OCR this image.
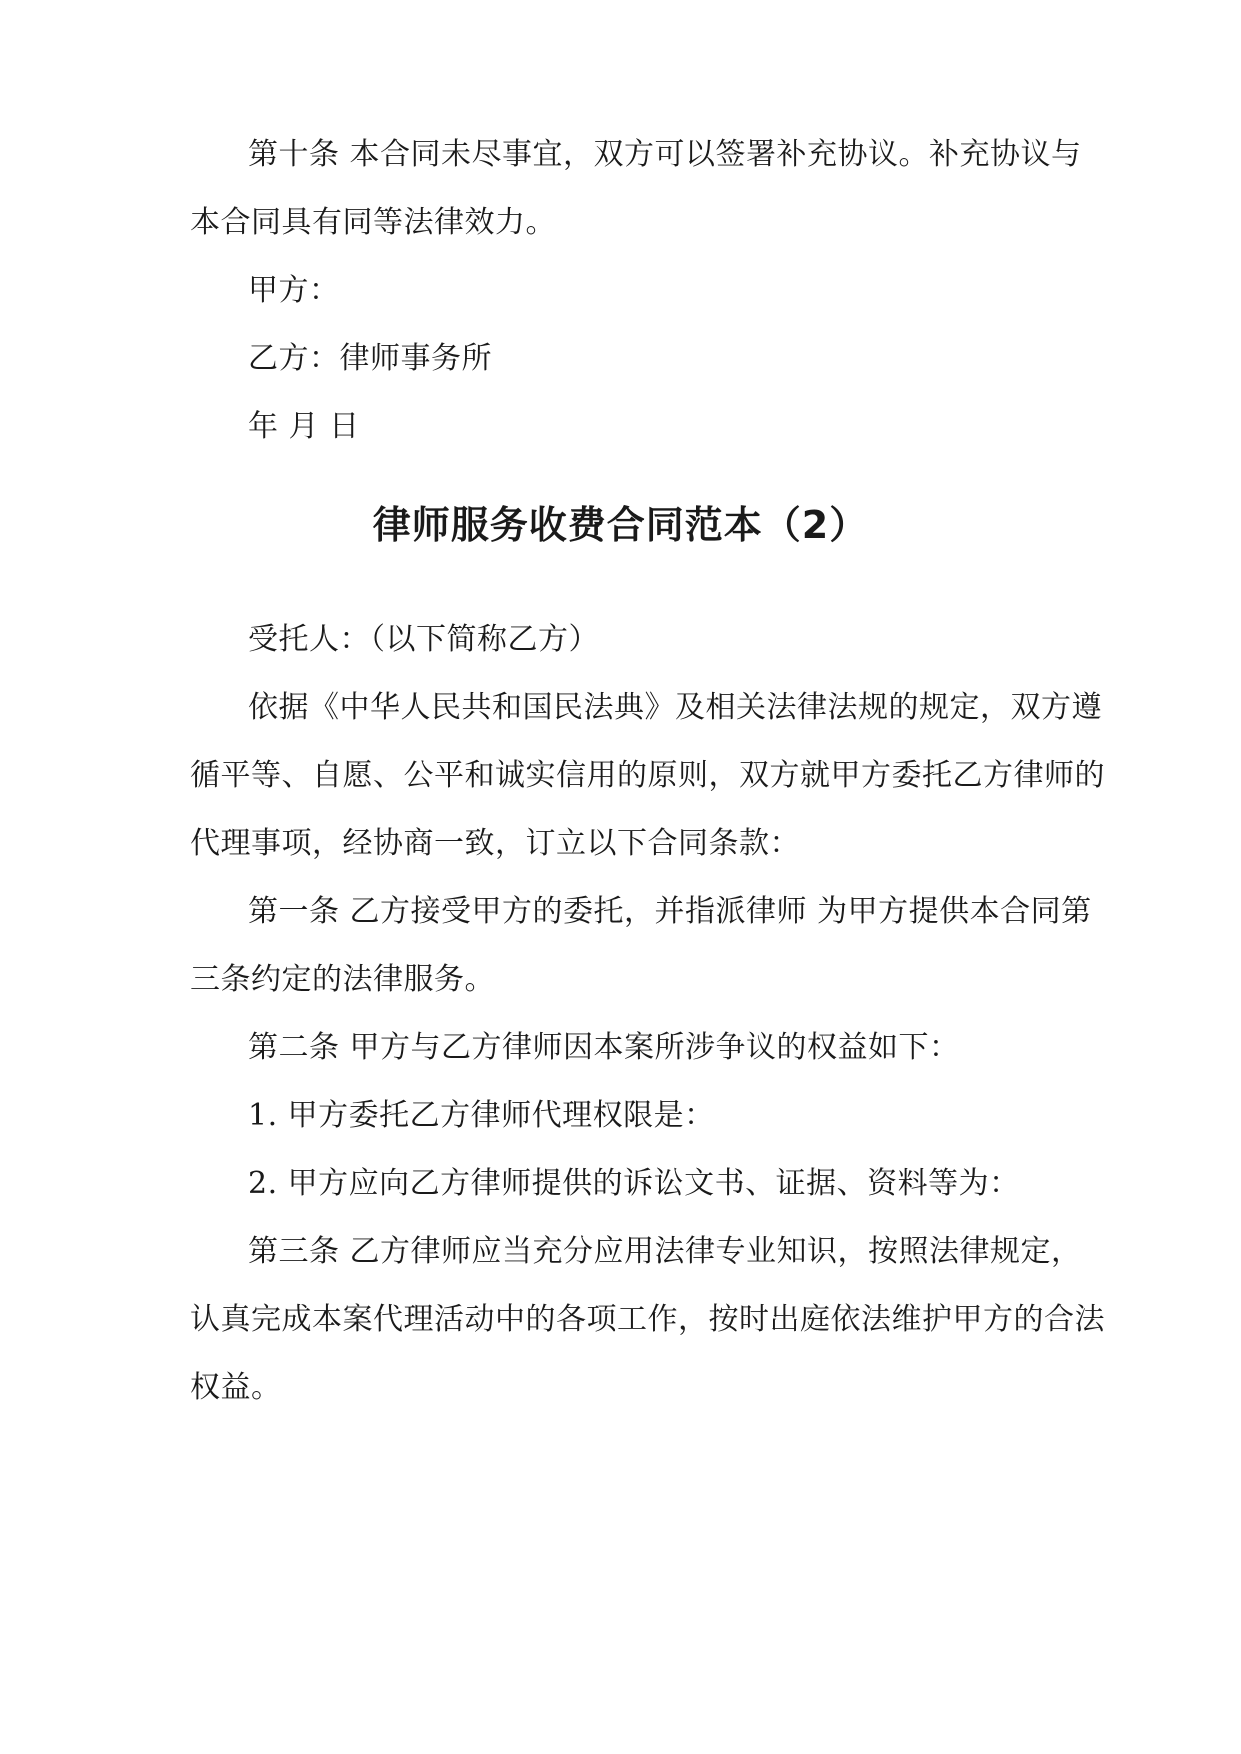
第十条 本合同未尽事宜，双方可以签署补充协议。补充协议与
本合同具有同等法律效力。
甲方：
乙方：律师事务所
年 月 日
律师服务收费合同范本（2）
受托人：（以下简称乙方）
依据《中华人民共和国民法典》及相关法律法规的规定，双方遵
循平等、自愿、公平和诚实信用的原则，双方就甲方委托乙方律师的
代理事项，经协商一致，订立以下合同条款：
第一条 乙方接受甲方的委托，并指派律师 为甲方提供本合同第
三条约定的法律服务。
第二条 甲方与乙方律师因本案所涉争议的权益如下：
1. 甲方委托乙方律师代理权限是：
2. 甲方应向乙方律师提供的诉讼文书、证据、资料等为：
第三条 乙方律师应当充分应用法律专业知识，按照法律规定，
认真完成本案代理活动中的各项工作，按时出庭依法维护甲方的合法
权益。
